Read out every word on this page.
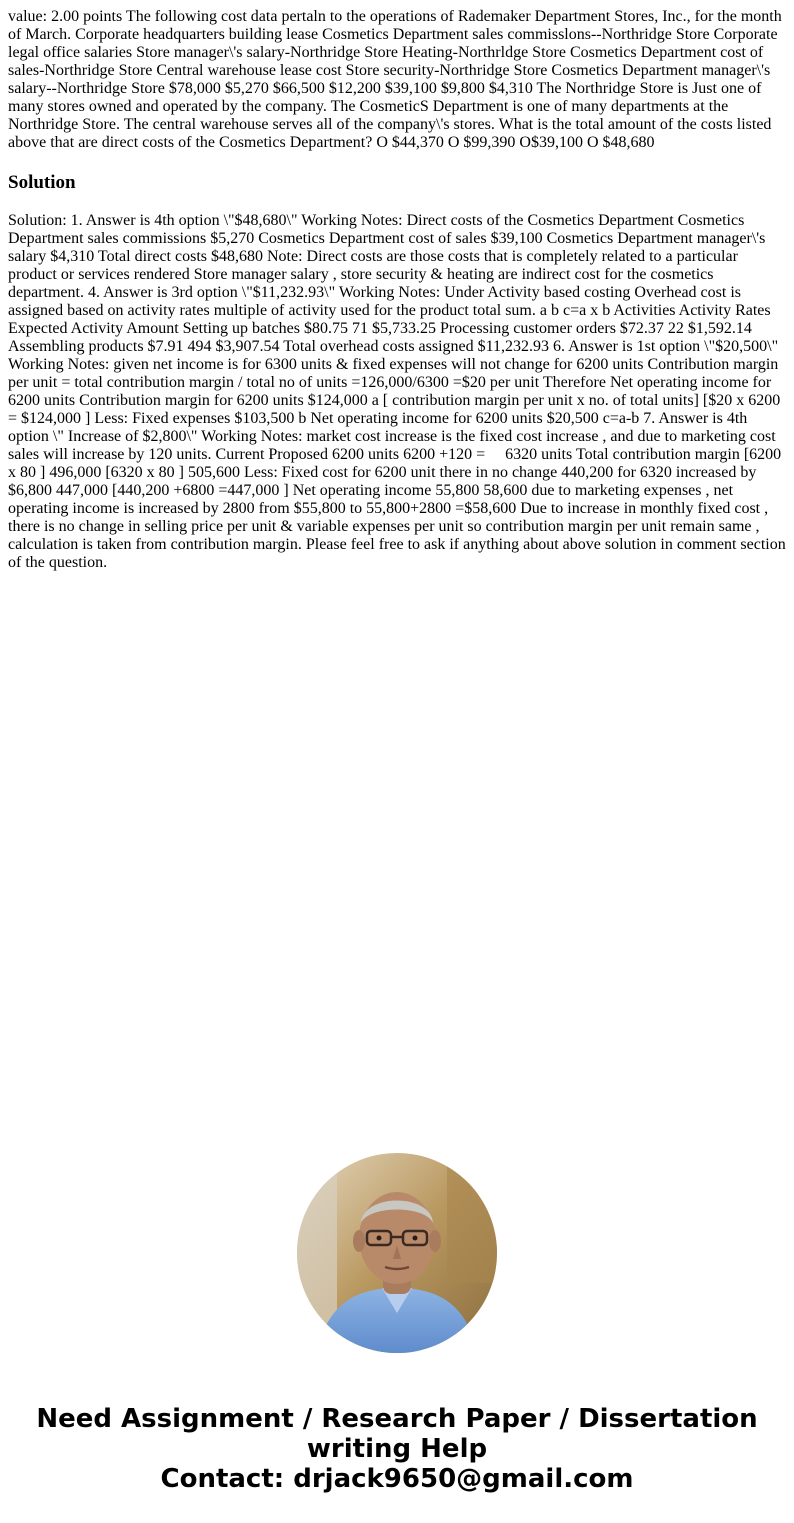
value: 2.00 points The following cost data pertaln to the operations of Rademaker Department Stores, Inc., for the month of March. Corporate headquarters building lease Cosmetics Department sales commisslons--Northridge Store Corporate legal office salaries Store manager\'s salary-Northridge Store Heating-Northrldge Store Cosmetics Department cost of sales-Northridge Store Central warehouse lease cost Store security-Northridge Store Cosmetics Department manager\'s salary--Northridge Store $78,000 $5,270 $66,500 $12,200 $39,100 $9,800 $4,310 The Northridge Store is Just one of many stores owned and operated by the company. The CosmeticS Department is one of many departments at the Northridge Store. The central warehouse serves all of the company\'s stores. What is the total amount of the costs listed above that are direct costs of the Cosmetics Department? O $44,370 O $99,390 O$39,100 O $48,680

Solution

Solution: 1. Answer is 4th option \"$48,680\" Working Notes: Direct costs of the Cosmetics Department Cosmetics Department sales commissions $5,270 Cosmetics Department cost of sales $39,100 Cosmetics Department manager\'s salary $4,310 Total direct costs $48,680 Note: Direct costs are those costs that is completely related to a particular product or services rendered Store manager salary , store security & heating are indirect cost for the cosmetics department. 4. Answer is 3rd option \"$11,232.93\" Working Notes: Under Activity based costing Overhead cost is assigned based on activity rates multiple of activity used for the product total sum. a b c=a x b Activities Activity Rates Expected Activity Amount Setting up batches $80.75 71 $5,733.25 Processing customer orders $72.37 22 $1,592.14 Assembling products $7.91 494 $3,907.54 Total overhead costs assigned $11,232.93 6. Answer is 1st option \"$20,500\" Working Notes: given net income is for 6300 units & fixed expenses will not change for 6200 units Contribution margin per unit = total contribution margin / total no of units =126,000/6300 =$20 per unit Therefore Net operating income for 6200 units Contribution margin for 6200 units $124,000 a [ contribution margin per unit x no. of total units] [$20 x 6200 = $124,000 ] Less: Fixed expenses $103,500 b Net operating income for 6200 units $20,500 c=a-b 7. Answer is 4th option \" Increase of $2,800\" Working Notes: market cost increase is the fixed cost increase , and due to marketing cost sales will increase by 120 units. Current Proposed 6200 units 6200 +120 =     6320 units Total contribution margin [6200 x 80 ] 496,000 [6320 x 80 ] 505,600 Less: Fixed cost for 6200 unit there in no change 440,200 for 6320 increased by $6,800 447,000 [440,200 +6800 =447,000 ] Net operating income 55,800 58,600 due to marketing expenses , net operating income is increased by 2800 from $55,800 to 55,800+2800 =$58,600 Due to increase in monthly fixed cost , there is no change in selling price per unit & variable expenses per unit so contribution margin per unit remain same , calculation is taken from contribution margin. Please feel free to ask if anything about above solution in comment section of the question.

Need Assignment / Research Paper / Dissertation
writing Help
Contact: drjack9650@gmail.com
